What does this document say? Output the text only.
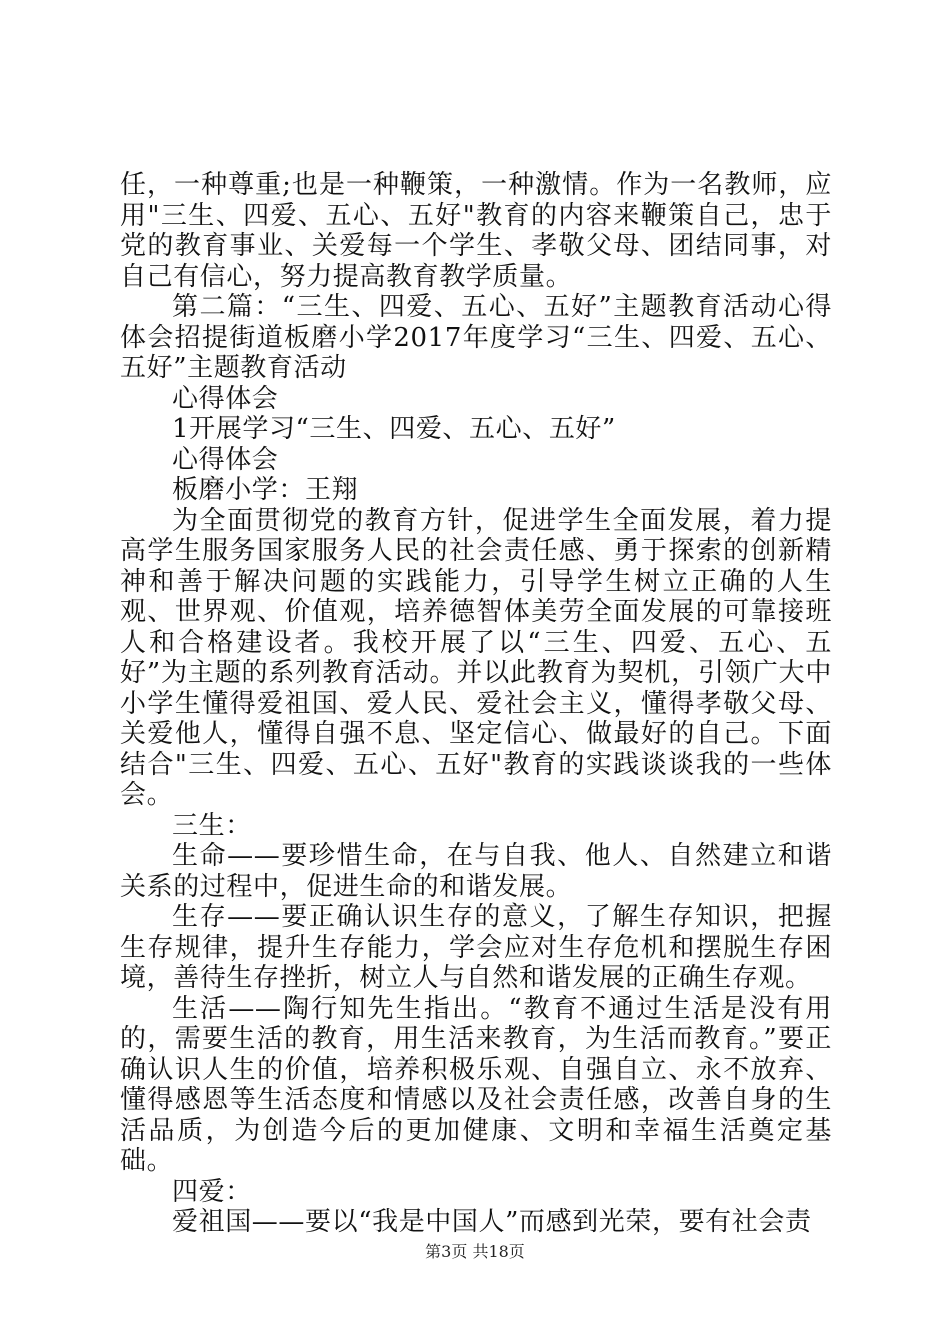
任，一种尊重;也是一种鞭策，一种激情。作为一名教师，应用"三生、四爱、五心、五好"教育的内容来鞭策自己，忠于党的教育事业、关爱每一个学生、孝敬父母、团结同事，对自己有信心，努力提高教育教学质量。

第二篇：“三生、四爱、五心、五好”主题教育活动心得体会招提街道板磨小学2017年度学习“三生、四爱、五心、五好”主题教育活动

心得体会

1开展学习“三生、四爱、五心、五好”

心得体会

板磨小学：王翔

为全面贯彻党的教育方针，促进学生全面发展，着力提高学生服务国家服务人民的社会责任感、勇于探索的创新精神和善于解决问题的实践能力，引导学生树立正确的人生观、世界观、价值观，培养德智体美劳全面发展的可靠接班人和合格建设者。我校开展了以“三生、四爱、五心、五好”为主题的系列教育活动。并以此教育为契机，引领广大中小学生懂得爱祖国、爱人民、爱社会主义，懂得孝敬父母、关爱他人，懂得自强不息、坚定信心、做最好的自己。下面结合"三生、四爱、五心、五好"教育的实践谈谈我的一些体会。

三生：

生命——要珍惜生命，在与自我、他人、自然建立和谐关系的过程中，促进生命的和谐发展。

生存——要正确认识生存的意义，了解生存知识，把握生存规律，提升生存能力，学会应对生存危机和摆脱生存困境，善待生存挫折，树立人与自然和谐发展的正确生存观。

生活——陶行知先生指出。“教育不通过生活是没有用的，需要生活的教育，用生活来教育，为生活而教育。”要正确认识人生的价值，培养积极乐观、自强自立、永不放弃、懂得感恩等生活态度和情感以及社会责任感，改善自身的生活品质，为创造今后的更加健康、文明和幸福生活奠定基础。

四爱：

爱祖国——要以“我是中国人”而感到光荣，要有社会责

第3页 共18页
